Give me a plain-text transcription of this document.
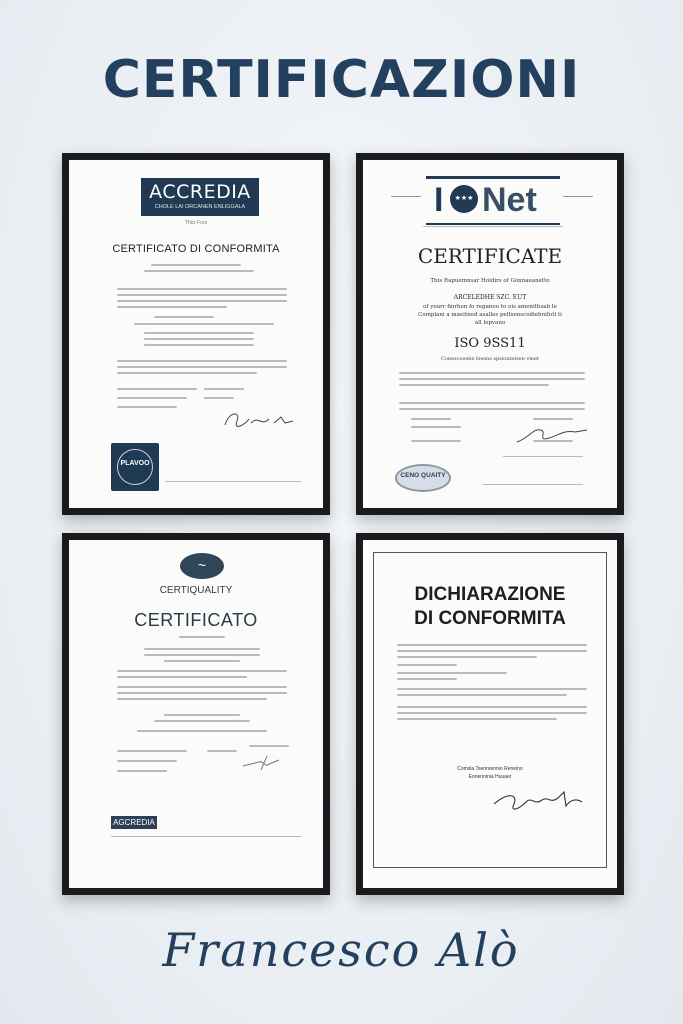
CERTIFICAZIONI
ACCREDIA
CHOLE LAI ORCANEN ENLIGGALA
Thks Fors
CERTIFICATO DI CONFORMITA
PLAVOO
I	★★★ Net
CERTIFICATE
This Rapuemnsar Holdirs of Gonnaeanetto
ARCELEDHE SZC. EUT
of yourr finrhen fo reganoo to eis amenithsab le
Complani a maeitned asalles peltsenscodiehnifotl ti
all lopvano
ISO 9SS11
Conescoeebe fsesns spsiontelsen vmet
CENO QUAITY
~
CERTIQUALITY
CERTIFICATO
AGCREDIA
DICHIARAZIONE
DI CONFORMITA
Comsla Tsennrennio Reneino
Eonenninia Huuaer
Francesco Alò
